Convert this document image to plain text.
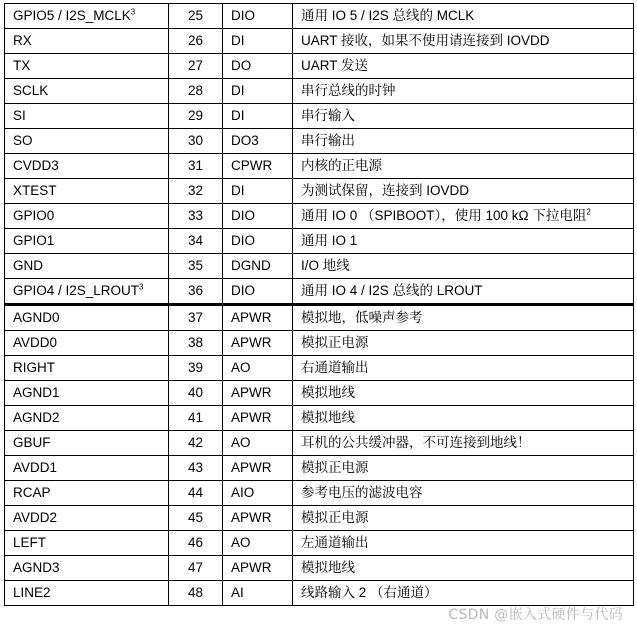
GPIO5 / I2S_MCLK$^3$	25	DIO	通用 IO 5 / I2S 总线的 MCLK
RX	26	DI	UART 接收，如果不使用请连接到 IOVDD
TX	27	DO	UART 发送
SCLK	28	DI	串行总线的时钟
SI	29	DI	串行输入
SO	30	DO3	串行输出
CVDD3	31	CPWR	内核的正电源
XTEST	32	DI	为测试保留，连接到 IOVDD
GPIO0	33	DIO	通用 IO 0 （SPIBOOT），使用 100 kΩ 下拉电阻$^2$
GPIO1	34	DIO	通用 IO 1
GND	35	DGND	I/O 地线
GPIO4 / I2S_LROUT$^3$	36	DIO	通用 IO 4 / I2S 总线的 LROUT
AGND0	37	APWR	模拟地，低噪声参考
AVDD0	38	APWR	模拟正电源
RIGHT	39	AO	右通道输出
AGND1	40	APWR	模拟地线
AGND2	41	APWR	模拟地线
GBUF	42	AO	耳机的公共缓冲器，不可连接到地线！
AVDD1	43	APWR	模拟正电源
RCAP	44	AIO	参考电压的滤波电容
AVDD2	45	APWR	模拟正电源
LEFT	46	AO	左通道输出
AGND3	47	APWR	模拟地线
LINE2	48	AI	线路输入 2 （右通道）
CSDN @嵌入式硬件与代码
